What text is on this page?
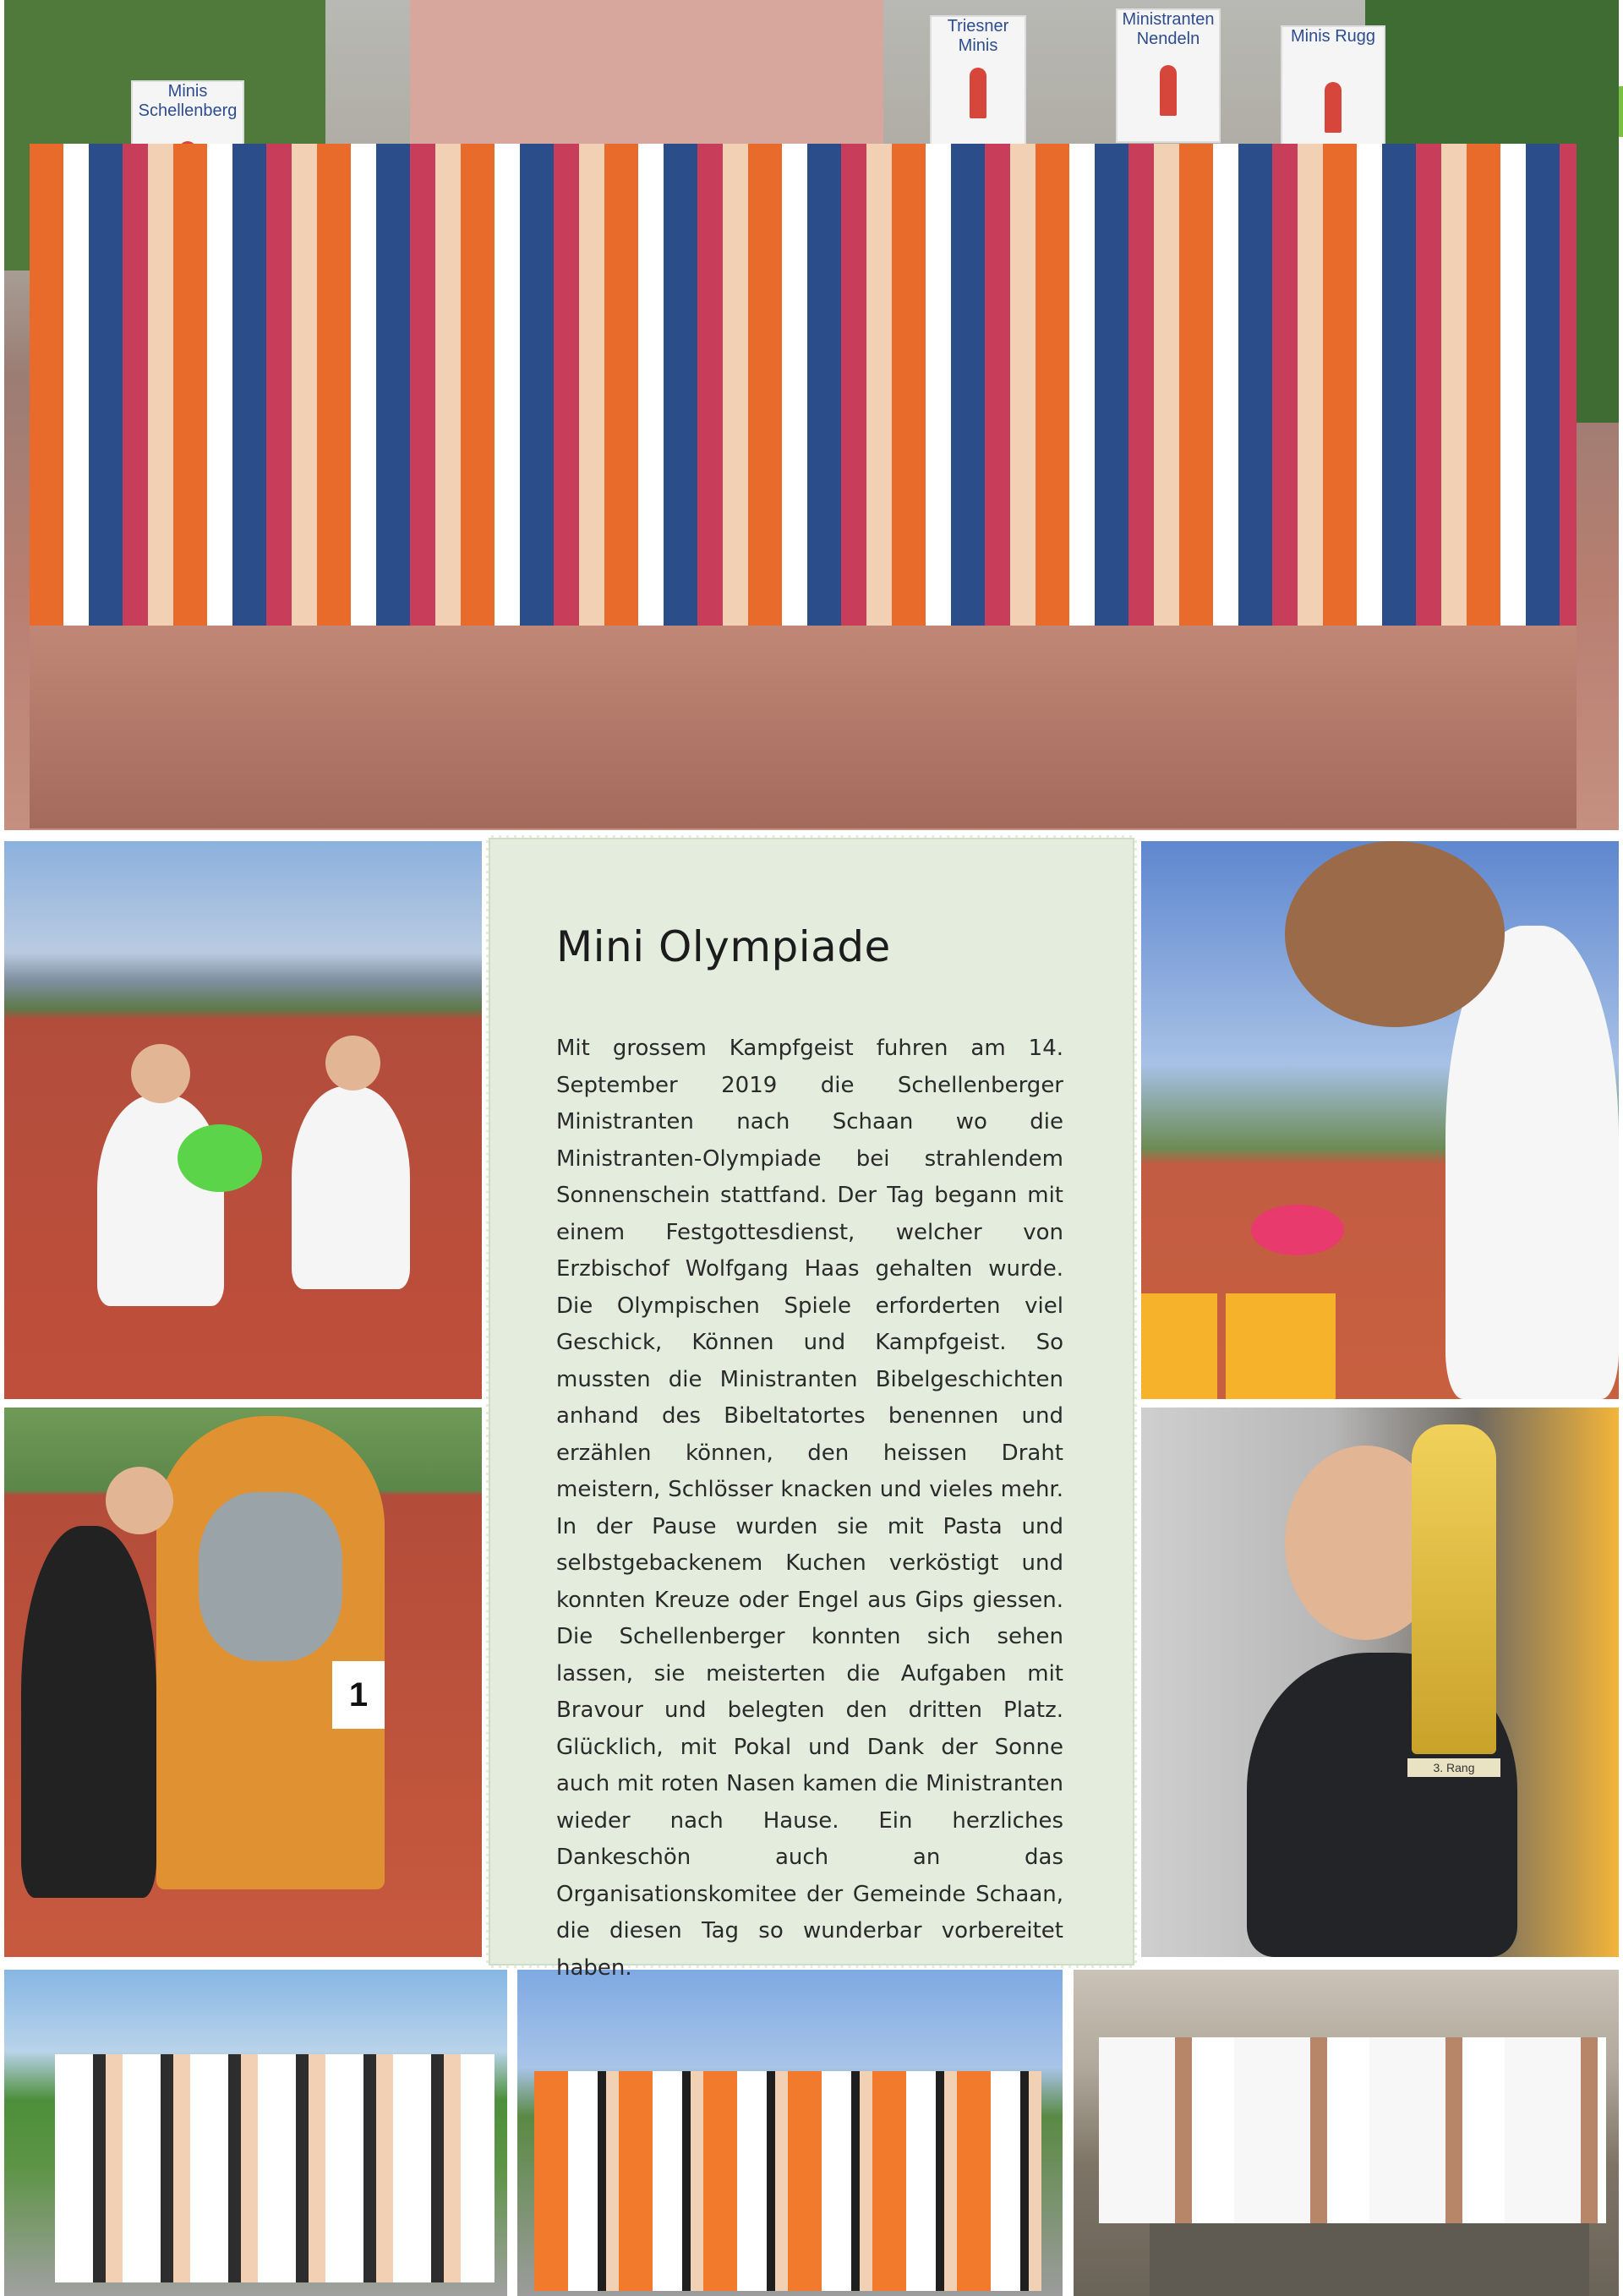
Minis Schellenberg
Triesner Minis
Ministranten Nendeln	Minis Rugg
1
3. Rang
Mini Olympiade
Mit grossem Kampfgeist fuhren am 14. September 2019 die Schellenberger Ministranten nach Schaan wo die Ministranten-Olympiade bei strahlendem Sonnenschein stattfand. Der Tag begann mit einem Festgottesdienst, welcher von Erzbischof Wolfgang Haas gehalten wurde. Die Olympischen Spiele erforderten viel Geschick, Können und Kampfgeist. So mussten die Ministranten Bibelgeschichten anhand des Bibeltatortes benennen und erzählen können, den heissen Draht meistern, Schlösser knacken und vieles mehr. In der Pause wurden sie mit Pasta und selbstgebackenem Kuchen verköstigt und konnten Kreuze oder Engel aus Gips giessen. Die Schellenberger konnten sich sehen lassen, sie meisterten die Aufgaben mit Bravour und belegten den dritten Platz. Glücklich, mit Pokal und Dank der Sonne auch mit roten Nasen kamen die Ministranten wieder nach Hause. Ein herzliches Dankeschön auch an das Organisationskomitee der Gemeinde Schaan, die diesen Tag so wunderbar vorbereitet haben.
